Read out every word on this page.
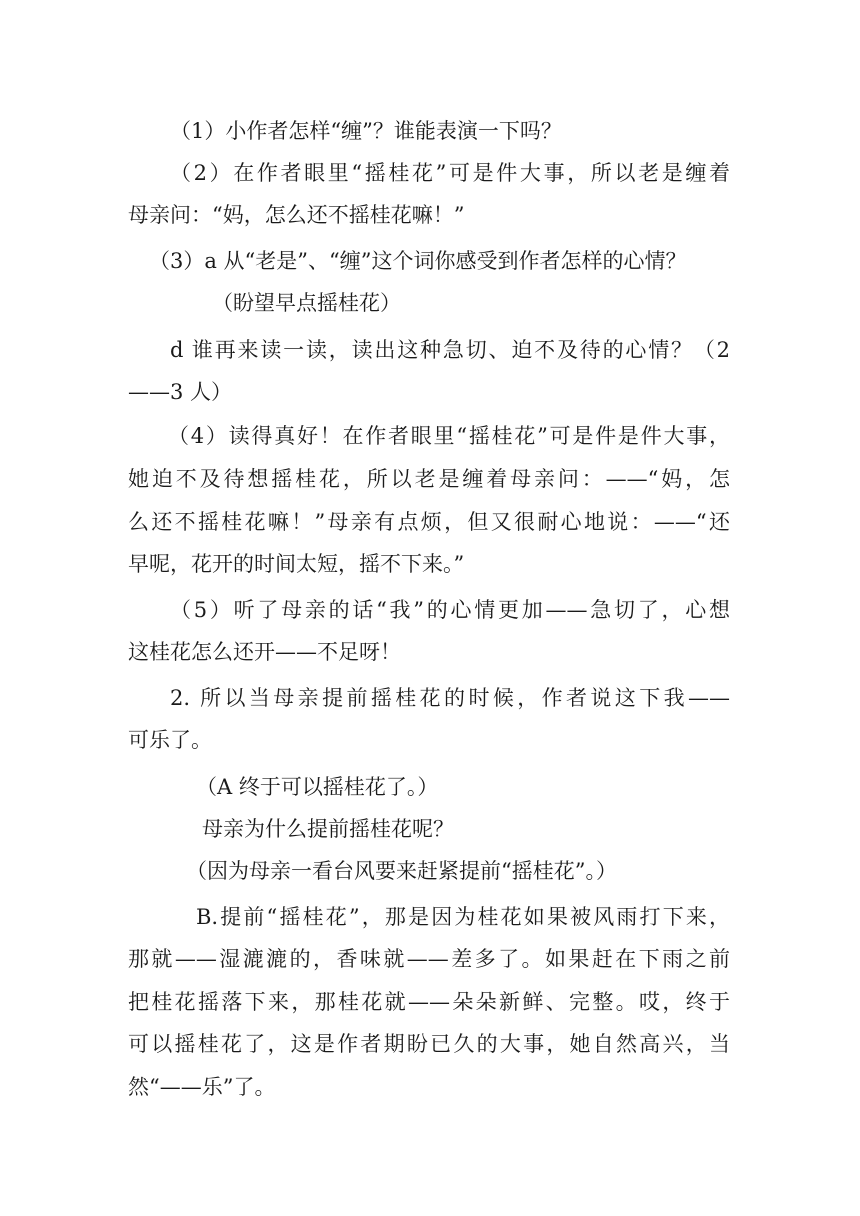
（1）小作者怎样“缠”？谁能表演一下吗？

（2）在作者眼里“摇桂花”可是件大事，所以老是缠着

母亲问：“妈，怎么还不摇桂花嘛！”

（3）a 从“老是”、“缠”这个词你感受到作者怎样的心情？

（盼望早点摇桂花）

d 谁再来读一读，读出这种急切、迫不及待的心情？（2

——3 人）

（4）读得真好！在作者眼里“摇桂花”可是件是件大事，

她迫不及待想摇桂花，所以老是缠着母亲问：——“妈，怎

么还不摇桂花嘛！”母亲有点烦，但又很耐心地说：——“还

早呢，花开的时间太短，摇不下来。”

（5）听了母亲的话“我”的心情更加——急切了，心想

这桂花怎么还开——不足呀！

2. 所以当母亲提前摇桂花的时候，作者说这下我——

可乐了。

（A 终于可以摇桂花了。）

母亲为什么提前摇桂花呢？

（因为母亲一看台风要来赶紧提前“摇桂花”。）

B.提前“摇桂花”，那是因为桂花如果被风雨打下来，

那就——湿漉漉的，香味就——差多了。如果赶在下雨之前

把桂花摇落下来，那桂花就——朵朵新鲜、完整。哎，终于

可以摇桂花了，这是作者期盼已久的大事，她自然高兴，当

然“——乐”了。
